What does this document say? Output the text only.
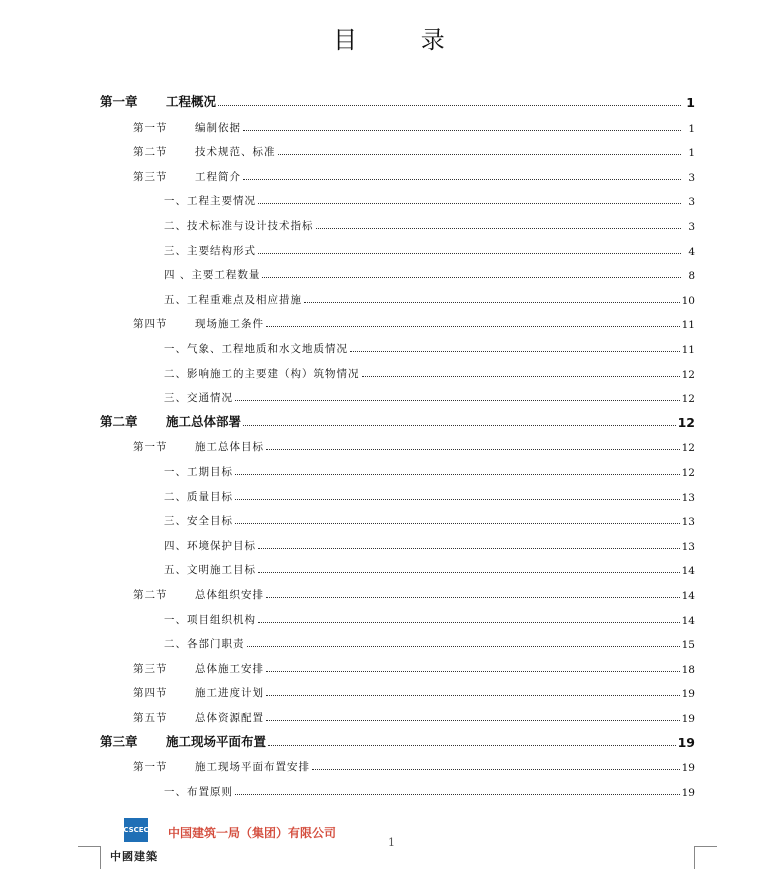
目 录
第一章	工程概况	1
第一节	编制依据	1
第二节	技术规范、标准	1
第三节	工程简介	3
一、工程主要情况	3
二、技术标准与设计技术指标	3
三、主要结构形式	4
四 、主要工程数量	8
五、工程重难点及相应措施	10
第四节	现场施工条件	11
一、气象、工程地质和水文地质情况	11
二、影响施工的主要建（构）筑物情况	12
三、交通情况	12
第二章	施工总体部署	12
第一节	施工总体目标	12
一、工期目标	12
二、质量目标	13
三、安全目标	13
四、环境保护目标	13
五、文明施工目标	14
第二节	总体组织安排	14
一、项目组织机构	14
二、各部门职责	15
第三节	总体施工安排	18
第四节	施工进度计划	19
第五节	总体资源配置	19
第三章	施工现场平面布置	19
第一节	施工现场平面布置安排	19
一、布置原则	19
CSCEC
中國建築
中国建筑一局（集团）有限公司
1
